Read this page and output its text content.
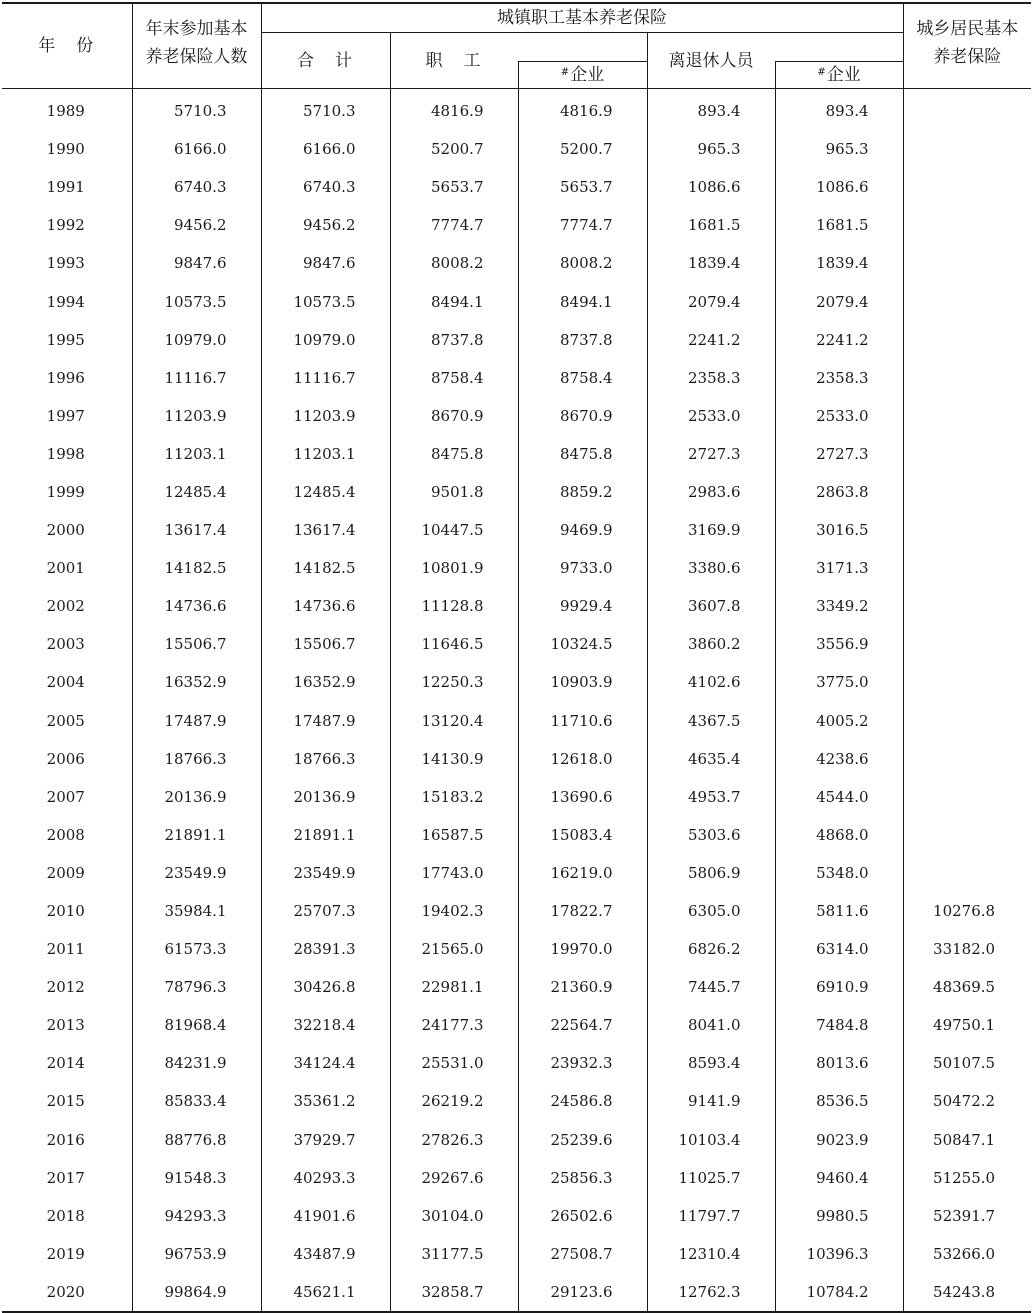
年　份	年末参加基本养老保险人数	城镇职工基本养老保险					城乡居民基本养老保险
		合　计	职　工		离退休人员		
				#企业		#企业	
1989	5710.3	5710.3	4816.9	4816.9	893.4	893.4	
1990	6166.0	6166.0	5200.7	5200.7	965.3	965.3	
1991	6740.3	6740.3	5653.7	5653.7	1086.6	1086.6	
1992	9456.2	9456.2	7774.7	7774.7	1681.5	1681.5	
1993	9847.6	9847.6	8008.2	8008.2	1839.4	1839.4	
1994	10573.5	10573.5	8494.1	8494.1	2079.4	2079.4	
1995	10979.0	10979.0	8737.8	8737.8	2241.2	2241.2	
1996	11116.7	11116.7	8758.4	8758.4	2358.3	2358.3	
1997	11203.9	11203.9	8670.9	8670.9	2533.0	2533.0	
1998	11203.1	11203.1	8475.8	8475.8	2727.3	2727.3	
1999	12485.4	12485.4	9501.8	8859.2	2983.6	2863.8	
2000	13617.4	13617.4	10447.5	9469.9	3169.9	3016.5	
2001	14182.5	14182.5	10801.9	9733.0	3380.6	3171.3	
2002	14736.6	14736.6	11128.8	9929.4	3607.8	3349.2	
2003	15506.7	15506.7	11646.5	10324.5	3860.2	3556.9	
2004	16352.9	16352.9	12250.3	10903.9	4102.6	3775.0	
2005	17487.9	17487.9	13120.4	11710.6	4367.5	4005.2	
2006	18766.3	18766.3	14130.9	12618.0	4635.4	4238.6	
2007	20136.9	20136.9	15183.2	13690.6	4953.7	4544.0	
2008	21891.1	21891.1	16587.5	15083.4	5303.6	4868.0	
2009	23549.9	23549.9	17743.0	16219.0	5806.9	5348.0	
2010	35984.1	25707.3	19402.3	17822.7	6305.0	5811.6	10276.8
2011	61573.3	28391.3	21565.0	19970.0	6826.2	6314.0	33182.0
2012	78796.3	30426.8	22981.1	21360.9	7445.7	6910.9	48369.5
2013	81968.4	32218.4	24177.3	22564.7	8041.0	7484.8	49750.1
2014	84231.9	34124.4	25531.0	23932.3	8593.4	8013.6	50107.5
2015	85833.4	35361.2	26219.2	24586.8	9141.9	8536.5	50472.2
2016	88776.8	37929.7	27826.3	25239.6	10103.4	9023.9	50847.1
2017	91548.3	40293.3	29267.6	25856.3	11025.7	9460.4	51255.0
2018	94293.3	41901.6	30104.0	26502.6	11797.7	9980.5	52391.7
2019	96753.9	43487.9	31177.5	27508.7	12310.4	10396.3	53266.0
2020	99864.9	45621.1	32858.7	29123.6	12762.3	10784.2	54243.8
